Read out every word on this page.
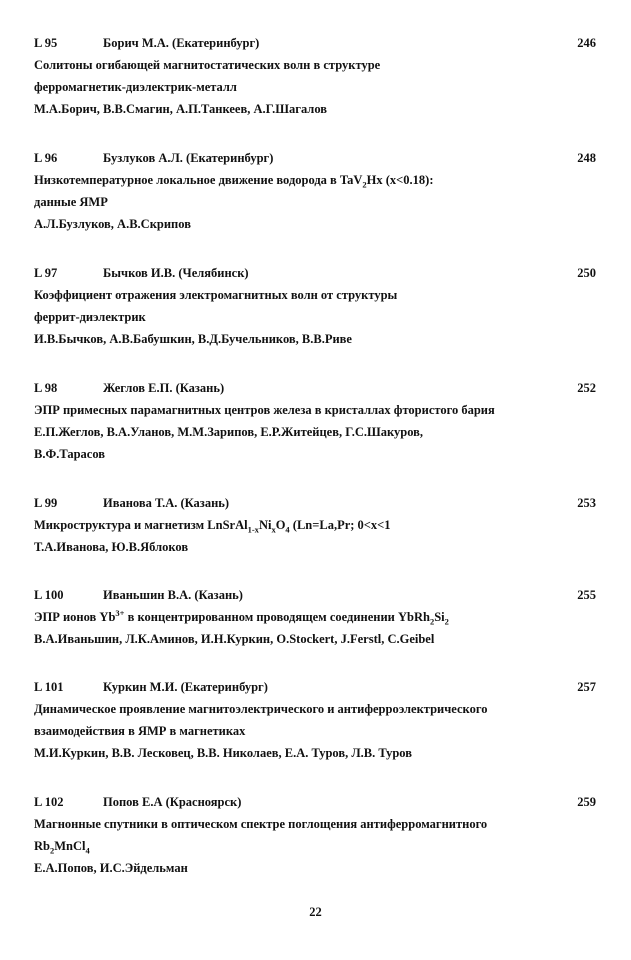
L 95	Борич М.А. (Екатеринбург)	246
Солитоны огибающей магнитостатических волн в структуре
ферромагнетик-диэлектрик-металл
М.А.Борич, В.В.Смагин, А.П.Танкеев, А.Г.Шагалов
L 96	Бузлуков А.Л. (Екатеринбург)	248
Низкотемпературное локальное движение водорода в TaV$_2$Hx (x<0.18):
данные ЯМР
А.Л.Бузлуков, А.В.Скрипов
L 97	Бычков И.В. (Челябинск)	250
Коэффициент отражения электромагнитных волн от структуры
феррит-диэлектрик
И.В.Бычков, А.В.Бабушкин, В.Д.Бучельников, В.В.Риве
L 98	Жеглов Е.П. (Казань)	252
ЭПР примесных парамагнитных центров железа в кристаллах фтористого бария
Е.П.Жеглов, В.А.Уланов, М.М.Зарипов, Е.Р.Житейцев, Г.С.Шакуров,
В.Ф.Тарасов
L 99	Иванова Т.А. (Казань)	253
Микроструктура и магнетизм $LnSrAl_{1-x}Ni_xO_4$ (Ln=La,Pr; 0<x<1
Т.А.Иванова, Ю.В.Яблоков
L 100	Иваньшин В.А. (Казань)	255
ЭПР ионов $Yb^{3+}$ в концентрированном проводящем соединении $YbRh_2Si_2$
В.А.Иваньшин, Л.К.Аминов, И.Н.Куркин, O.Stockert, J.Ferstl, C.Geibel
L 101	Куркин М.И. (Екатеринбург)	257
Динамическое проявление магнитоэлектрического и антиферроэлектрического
взаимодействия в ЯМР в магнетиках
М.И.Куркин, В.В. Лесковец, В.В. Николаев, Е.А. Туров, Л.В. Туров
L 102	Попов Е.А (Красноярск)	259
Магнонные спутники в оптическом спектре поглощения антиферромагнитного
$Rb_2MnCl_4$
Е.А.Попов, И.С.Эйдельман
22
